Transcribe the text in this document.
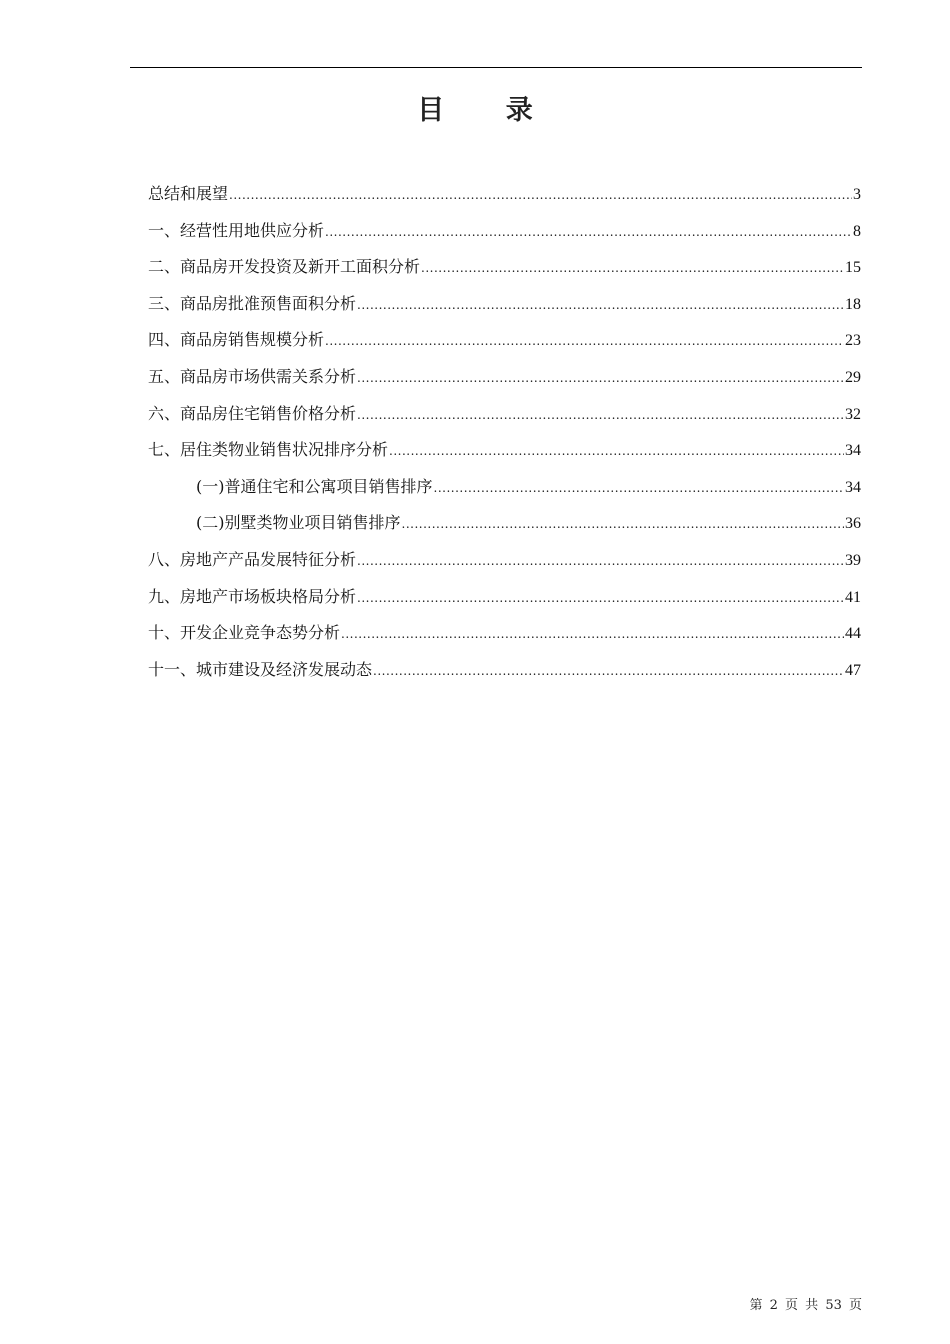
目 录
总结和展望 .....	3
一、经营性用地供应分析 .....	8
二、商品房开发投资及新开工面积分析 .....	15
三、商品房批准预售面积分析 .....	18
四、商品房销售规模分析 .....	23
五、商品房市场供需关系分析 .....	29
六、商品房住宅销售价格分析 .....	32
七、居住类物业销售状况排序分析 .....	34
(一)普通住宅和公寓项目销售排序 .....	34
(二)别墅类物业项目销售排序 .....	36
八、房地产产品发展特征分析 .....	39
九、房地产市场板块格局分析 .....	41
十、开发企业竞争态势分析 .....	44
十一、城市建设及经济发展动态 .....	47
第 2 页 共 53 页
